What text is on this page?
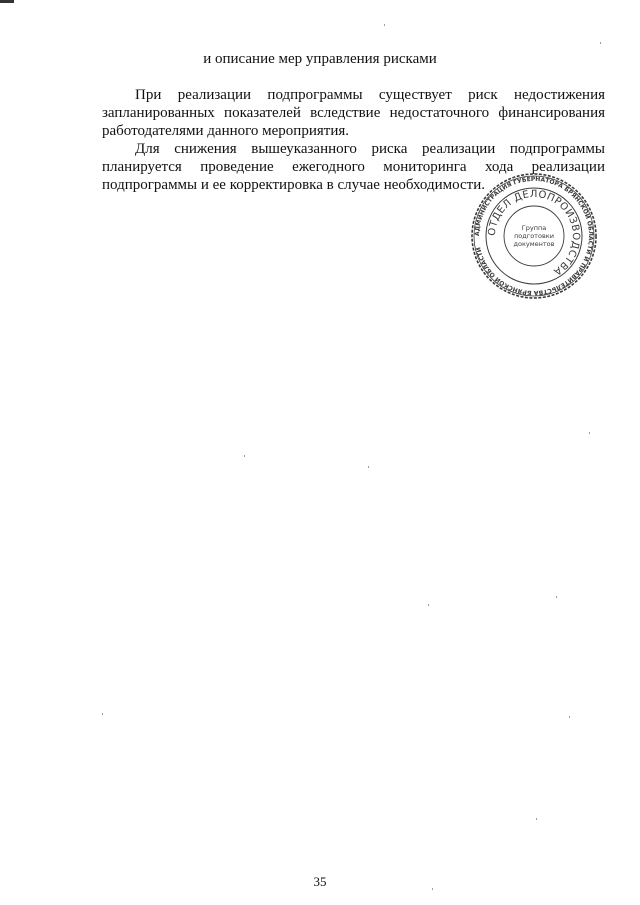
и описание мер управления рисками

При реализации подпрограммы существует риск недостижения запланированных показателей вследствие недостаточного финансирования работодателями данного мероприятия.

Для снижения вышеуказанного риска реализации подпрограммы планируется проведение ежегодного мониторинга хода реализации подпрограммы и ее корректировка в случае необходимости.

АДМИНИСТРАЦИЯ ГУБЕРНАТОРА БРЯНСКОЙ ОБЛАСТИ И ПРАВИТЕЛЬСТВА БРЯНСКОЙ ОБЛАСТИ
ОТДЕЛ ДЕЛОПРОИЗВОДСТВА
Группа
подготовки
документов
35
